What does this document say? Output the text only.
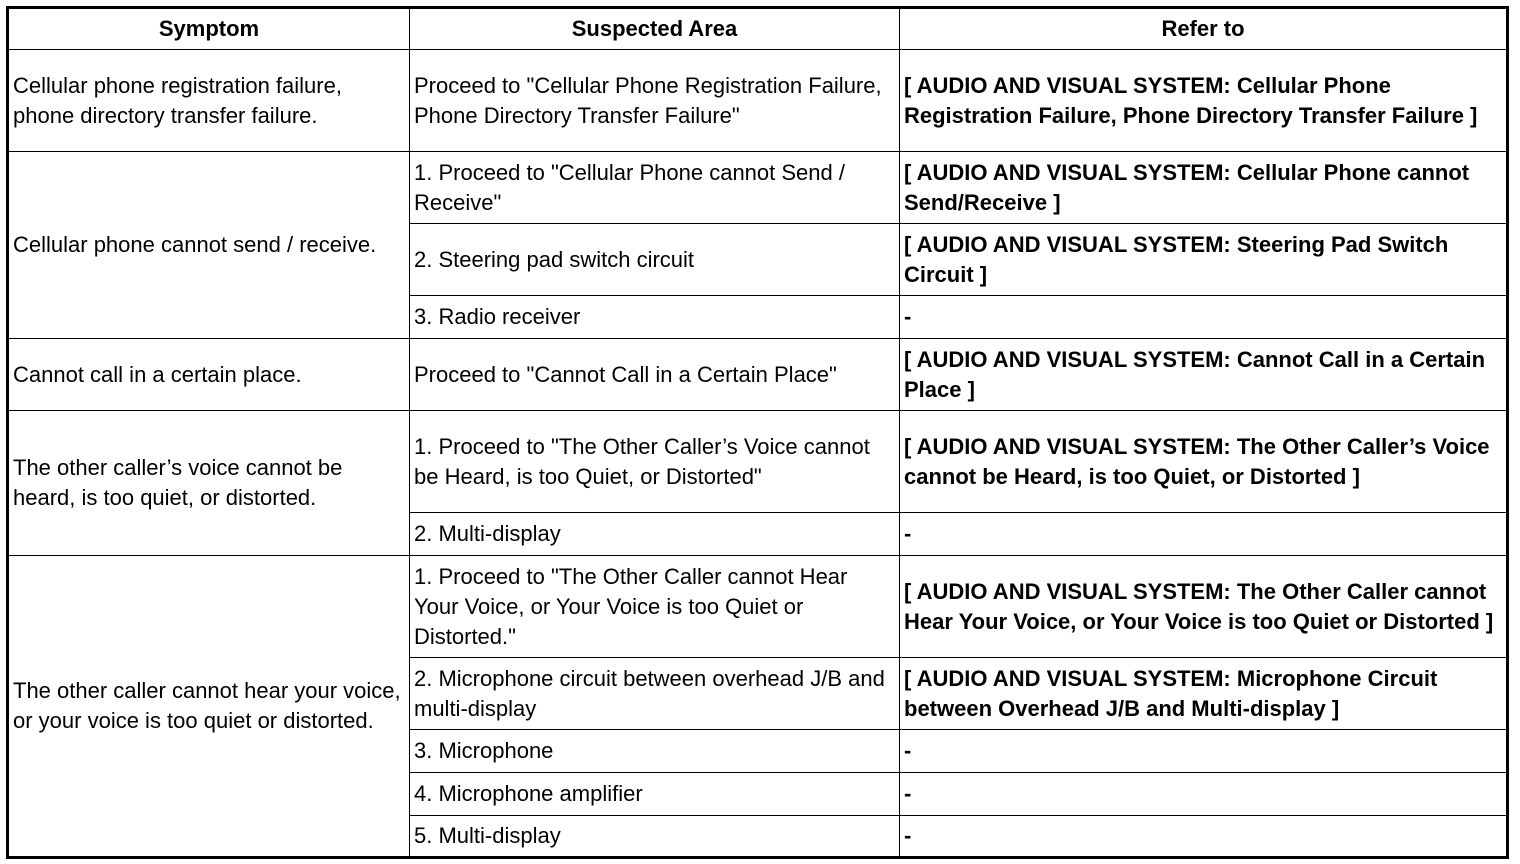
Symptom	Suspected Area	Refer to
Cellular phone registration failure, phone directory transfer failure.	Proceed to "Cellular Phone Registration Failure, Phone Directory Transfer Failure"	[ AUDIO AND VISUAL SYSTEM: Cellular Phone Registration Failure, Phone Directory Transfer Failure ]
Cellular phone cannot send / receive.	1. Proceed to "Cellular Phone cannot Send / Receive"	[ AUDIO AND VISUAL SYSTEM: Cellular Phone cannot Send/Receive ]
	2. Steering pad switch circuit	[ AUDIO AND VISUAL SYSTEM: Steering Pad Switch Circuit ]
	3. Radio receiver	-
Cannot call in a certain place.	Proceed to "Cannot Call in a Certain Place"	[ AUDIO AND VISUAL SYSTEM: Cannot Call in a Certain Place ]
The other caller’s voice cannot be heard, is too quiet, or distorted.	1. Proceed to "The Other Caller’s Voice cannot be Heard, is too Quiet, or Distorted"	[ AUDIO AND VISUAL SYSTEM: The Other Caller’s Voice cannot be Heard, is too Quiet, or Distorted ]
	2. Multi-display	-
The other caller cannot hear your voice, or your voice is too quiet or distorted.	1. Proceed to "The Other Caller cannot Hear Your Voice, or Your Voice is too Quiet or Distorted."	[ AUDIO AND VISUAL SYSTEM: The Other Caller cannot Hear Your Voice, or Your Voice is too Quiet or Distorted ]
	2. Microphone circuit between overhead J/B and multi-display	[ AUDIO AND VISUAL SYSTEM: Microphone Circuit between Overhead J/B and Multi-display ]
	3. Microphone	-
	4. Microphone amplifier	-
	5. Multi-display	-
